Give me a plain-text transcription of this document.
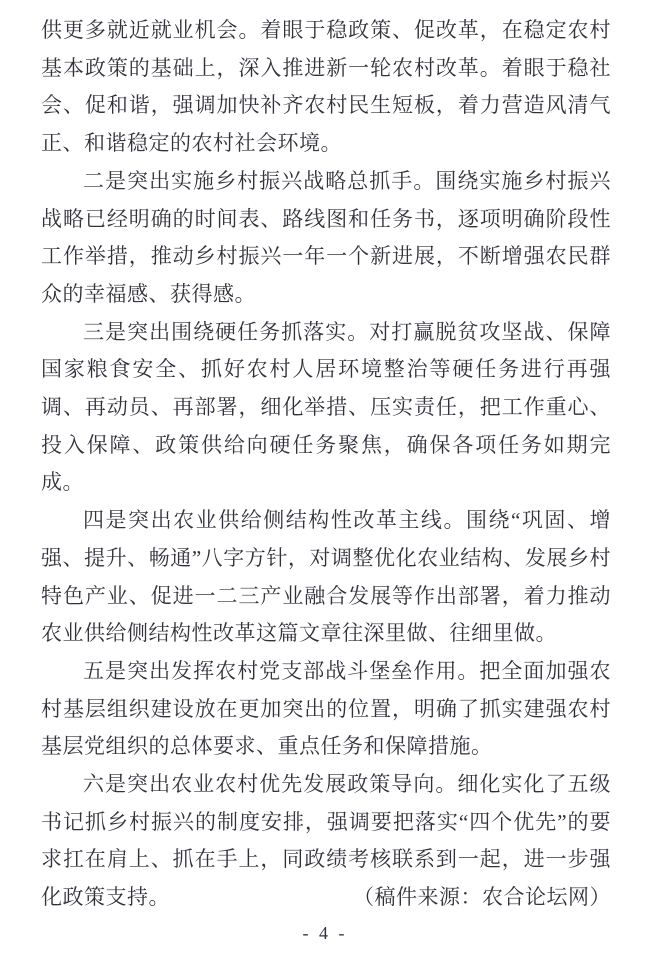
供更多就近就业机会。着眼于稳政策、促改革，在稳定农村基本政策的基础上，深入推进新一轮农村改革。着眼于稳社会、促和谐，强调加快补齐农村民生短板，着力营造风清气正、和谐稳定的农村社会环境。

二是突出实施乡村振兴战略总抓手。围绕实施乡村振兴战略已经明确的时间表、路线图和任务书，逐项明确阶段性工作举措，推动乡村振兴一年一个新进展，不断增强农民群众的幸福感、获得感。

三是突出围绕硬任务抓落实。对打赢脱贫攻坚战、保障国家粮食安全、抓好农村人居环境整治等硬任务进行再强调、再动员、再部署，细化举措、压实责任，把工作重心、投入保障、政策供给向硬任务聚焦，确保各项任务如期完成。

四是突出农业供给侧结构性改革主线。围绕“巩固、增强、提升、畅通”八字方针，对调整优化农业结构、发展乡村特色产业、促进一二三产业融合发展等作出部署，着力推动农业供给侧结构性改革这篇文章往深里做、往细里做。

五是突出发挥农村党支部战斗堡垒作用。把全面加强农村基层组织建设放在更加突出的位置，明确了抓实建强农村基层党组织的总体要求、重点任务和保障措施。

六是突出农业农村优先发展政策导向。细化实化了五级书记抓乡村振兴的制度安排，强调要把落实“四个优先”的要求扛在肩上、抓在手上，同政绩考核联系到一起，进一步强化政策支持。	（稿件来源：农合论坛网）

- 4 -
